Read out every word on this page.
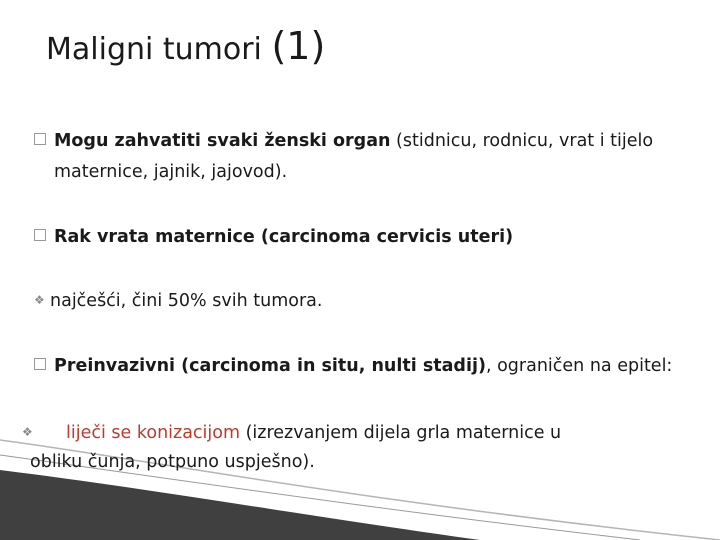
Maligni tumori (1)
Mogu zahvatiti svaki ženski organ (stidnicu, rodnicu, vrat i tijelo
maternice, jajnik, jajovod).
Rak vrata maternice (carcinoma cervicis uteri)
❖ najčešći, čini 50% svih tumora.
Preinvazivni (carcinoma in situ, nulti stadij), ograničen na epitel:
❖ liječi se konizacijom (izrezvanjem dijela grla maternice u
obliku čunja, potpuno uspješno).
